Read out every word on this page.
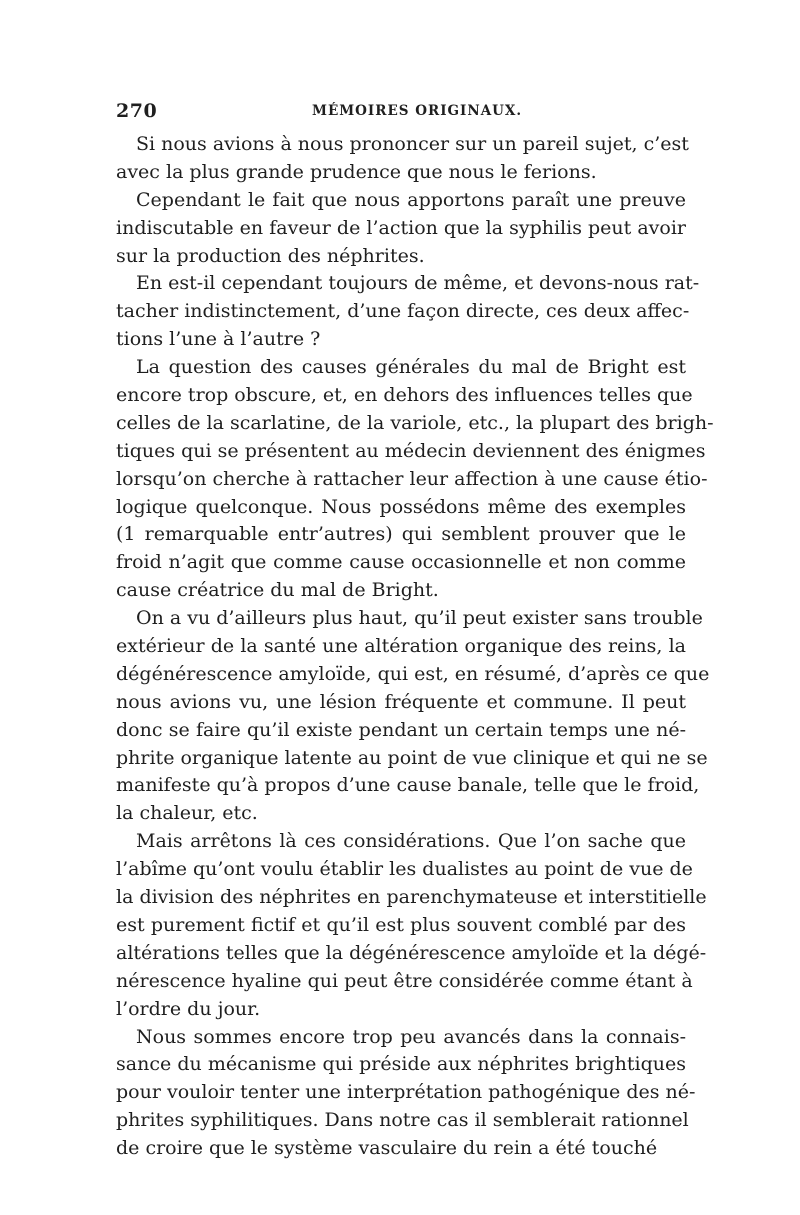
270	MÉMOIRES ORIGINAUX.
Si nous avions à nous prononcer sur un pareil sujet, c’est
avec la plus grande prudence que nous le ferions.
Cependant le fait que nous apportons paraît une preuve
indiscutable en faveur de l’action que la syphilis peut avoir
sur la production des néphrites.
En est-il cependant toujours de même, et devons-nous rat-
tacher indistinctement, d’une façon directe, ces deux affec-
tions l’une à l’autre ?
La question des causes générales du mal de Bright est
encore trop obscure, et, en dehors des influences telles que
celles de la scarlatine, de la variole, etc., la plupart des brigh-
tiques qui se présentent au médecin deviennent des énigmes
lorsqu’on cherche à rattacher leur affection à une cause étio-
logique quelconque. Nous possédons même des exemples
(1 remarquable entr’autres) qui semblent prouver que le
froid n’agit que comme cause occasionnelle et non comme
cause créatrice du mal de Bright.
On a vu d’ailleurs plus haut, qu’il peut exister sans trouble
extérieur de la santé une altération organique des reins, la
dégénérescence amyloïde, qui est, en résumé, d’après ce que
nous avions vu, une lésion fréquente et commune. Il peut
donc se faire qu’il existe pendant un certain temps une né-
phrite organique latente au point de vue clinique et qui ne se
manifeste qu’à propos d’une cause banale, telle que le froid,
la chaleur, etc.
Mais arrêtons là ces considérations. Que l’on sache que
l’abîme qu’ont voulu établir les dualistes au point de vue de
la division des néphrites en parenchymateuse et interstitielle
est purement fictif et qu’il est plus souvent comblé par des
altérations telles que la dégénérescence amyloïde et la dégé-
nérescence hyaline qui peut être considérée comme étant à
l’ordre du jour.
Nous sommes encore trop peu avancés dans la connais-
sance du mécanisme qui préside aux néphrites brightiques
pour vouloir tenter une interprétation pathogénique des né-
phrites syphilitiques. Dans notre cas il semblerait rationnel
de croire que le système vasculaire du rein a été touché
